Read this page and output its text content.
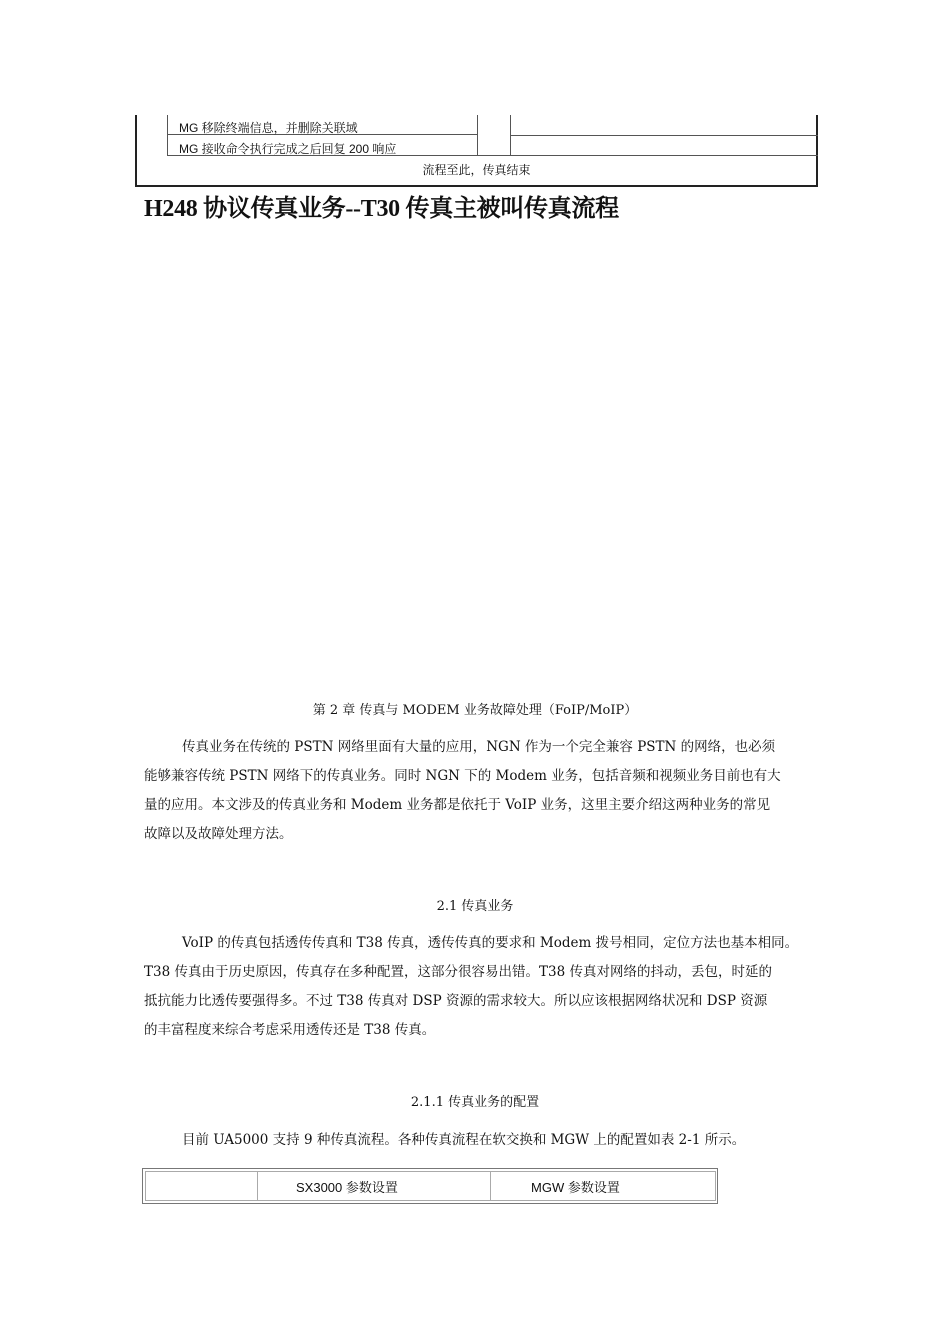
MG 移除终端信息，并删除关联域
MG 接收命令执行完成之后回复 200 响应
流程至此，传真结束
H248 协议传真业务--T30 传真主被叫传真流程
第 2 章 传真与 MODEM 业务故障处理（FoIP/MoIP）
传真业务在传统的 PSTN 网络里面有大量的应用，NGN 作为一个完全兼容 PSTN 的网络，也必须
能够兼容传统 PSTN 网络下的传真业务。同时 NGN 下的 Modem 业务，包括音频和视频业务目前也有大
量的应用。本文涉及的传真业务和 Modem 业务都是依托于 VoIP 业务，这里主要介绍这两种业务的常见
故障以及故障处理方法。
2.1 传真业务
VoIP 的传真包括透传传真和 T38 传真，透传传真的要求和 Modem 拨号相同，定位方法也基本相同。
T38 传真由于历史原因，传真存在多种配置，这部分很容易出错。T38 传真对网络的抖动，丢包，时延的
抵抗能力比透传要强得多。不过 T38 传真对 DSP 资源的需求较大。所以应该根据网络状况和 DSP 资源
的丰富程度来综合考虑采用透传还是 T38 传真。
2.1.1 传真业务的配置
目前 UA5000 支持 9 种传真流程。各种传真流程在软交换和 MGW 上的配置如表 2-1 所示。
SX3000 参数设置	MGW 参数设置
